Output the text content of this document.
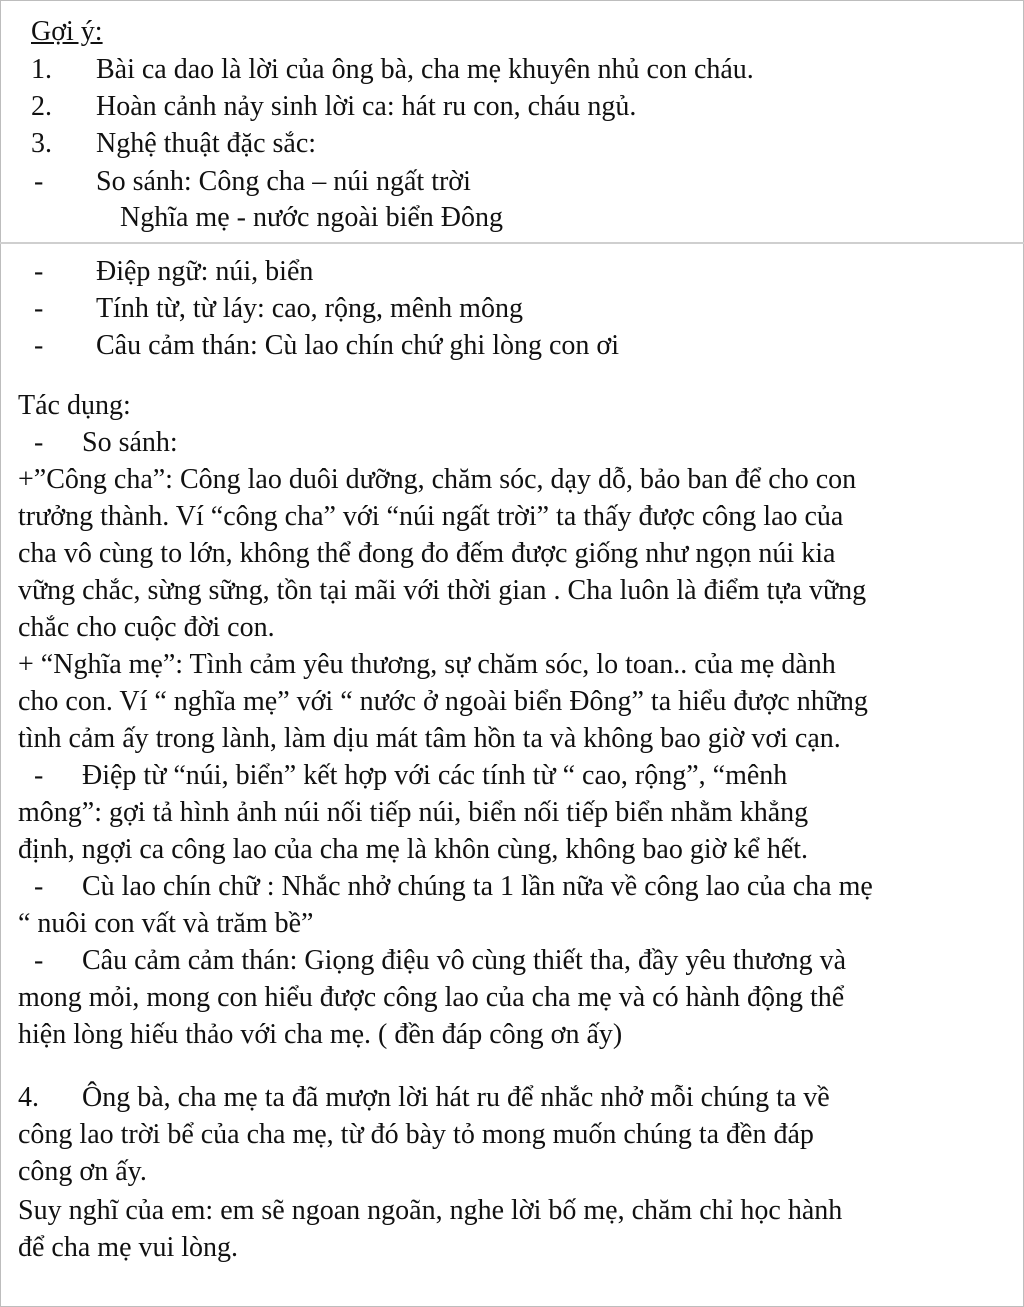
Gợi ý:
1. Bài ca dao là lời của ông bà, cha mẹ khuyên nhủ con cháu.
2. Hoàn cảnh nảy sinh lời ca: hát ru con, cháu ngủ.
3. Nghệ thuật đặc sắc:
- So sánh: Công cha – núi ngất trời
Nghĩa mẹ - nước ngoài biển Đông
- Điệp ngữ: núi, biển
- Tính từ, từ láy: cao, rộng, mênh mông
- Câu cảm thán: Cù lao chín chứ ghi lòng con ơi
Tác dụng:
- So sánh:
+”Công cha”: Công lao duôi dưỡng, chăm sóc, dạy dỗ, bảo ban để cho con
trưởng thành. Ví “công cha” với “núi ngất trời” ta thấy được công lao của
cha vô cùng to lớn, không thể đong đo đếm được giống như ngọn núi kia
vững chắc, sừng sững, tồn tại mãi với thời gian . Cha luôn là điểm tựa vững
chắc cho cuộc đời con.
+ “Nghĩa mẹ”: Tình cảm yêu thương, sự chăm sóc, lo toan.. của mẹ dành
cho con. Ví “ nghĩa mẹ” với “ nước ở ngoài biển Đông” ta hiểu được những
tình cảm ấy trong lành, làm dịu mát tâm hồn ta và không bao giờ vơi cạn.
- Điệp từ “núi, biển” kết hợp với các tính từ “ cao, rộng”, “mênh
mông”: gợi tả hình ảnh núi nối tiếp núi, biển nối tiếp biển nhằm khẳng
định, ngợi ca công lao của cha mẹ là khôn cùng, không bao giờ kể hết.
- Cù lao chín chữ : Nhắc nhở chúng ta 1 lần nữa về công lao của cha mẹ
“ nuôi con vất và trăm bề”
- Câu cảm cảm thán: Giọng điệu vô cùng thiết tha, đầy yêu thương và
mong mỏi, mong con hiểu được công lao của cha mẹ và có hành động thể
hiện lòng hiếu thảo với cha mẹ. ( đền đáp công ơn ấy)
4. Ông bà, cha mẹ ta đã mượn lời hát ru để nhắc nhở mỗi chúng ta về
công lao trời bể của cha mẹ, từ đó bày tỏ mong muốn chúng ta đền đáp
công ơn ấy.
Suy nghĩ của em: em sẽ ngoan ngoãn, nghe lời bố mẹ, chăm chỉ học hành
để cha mẹ vui lòng.
